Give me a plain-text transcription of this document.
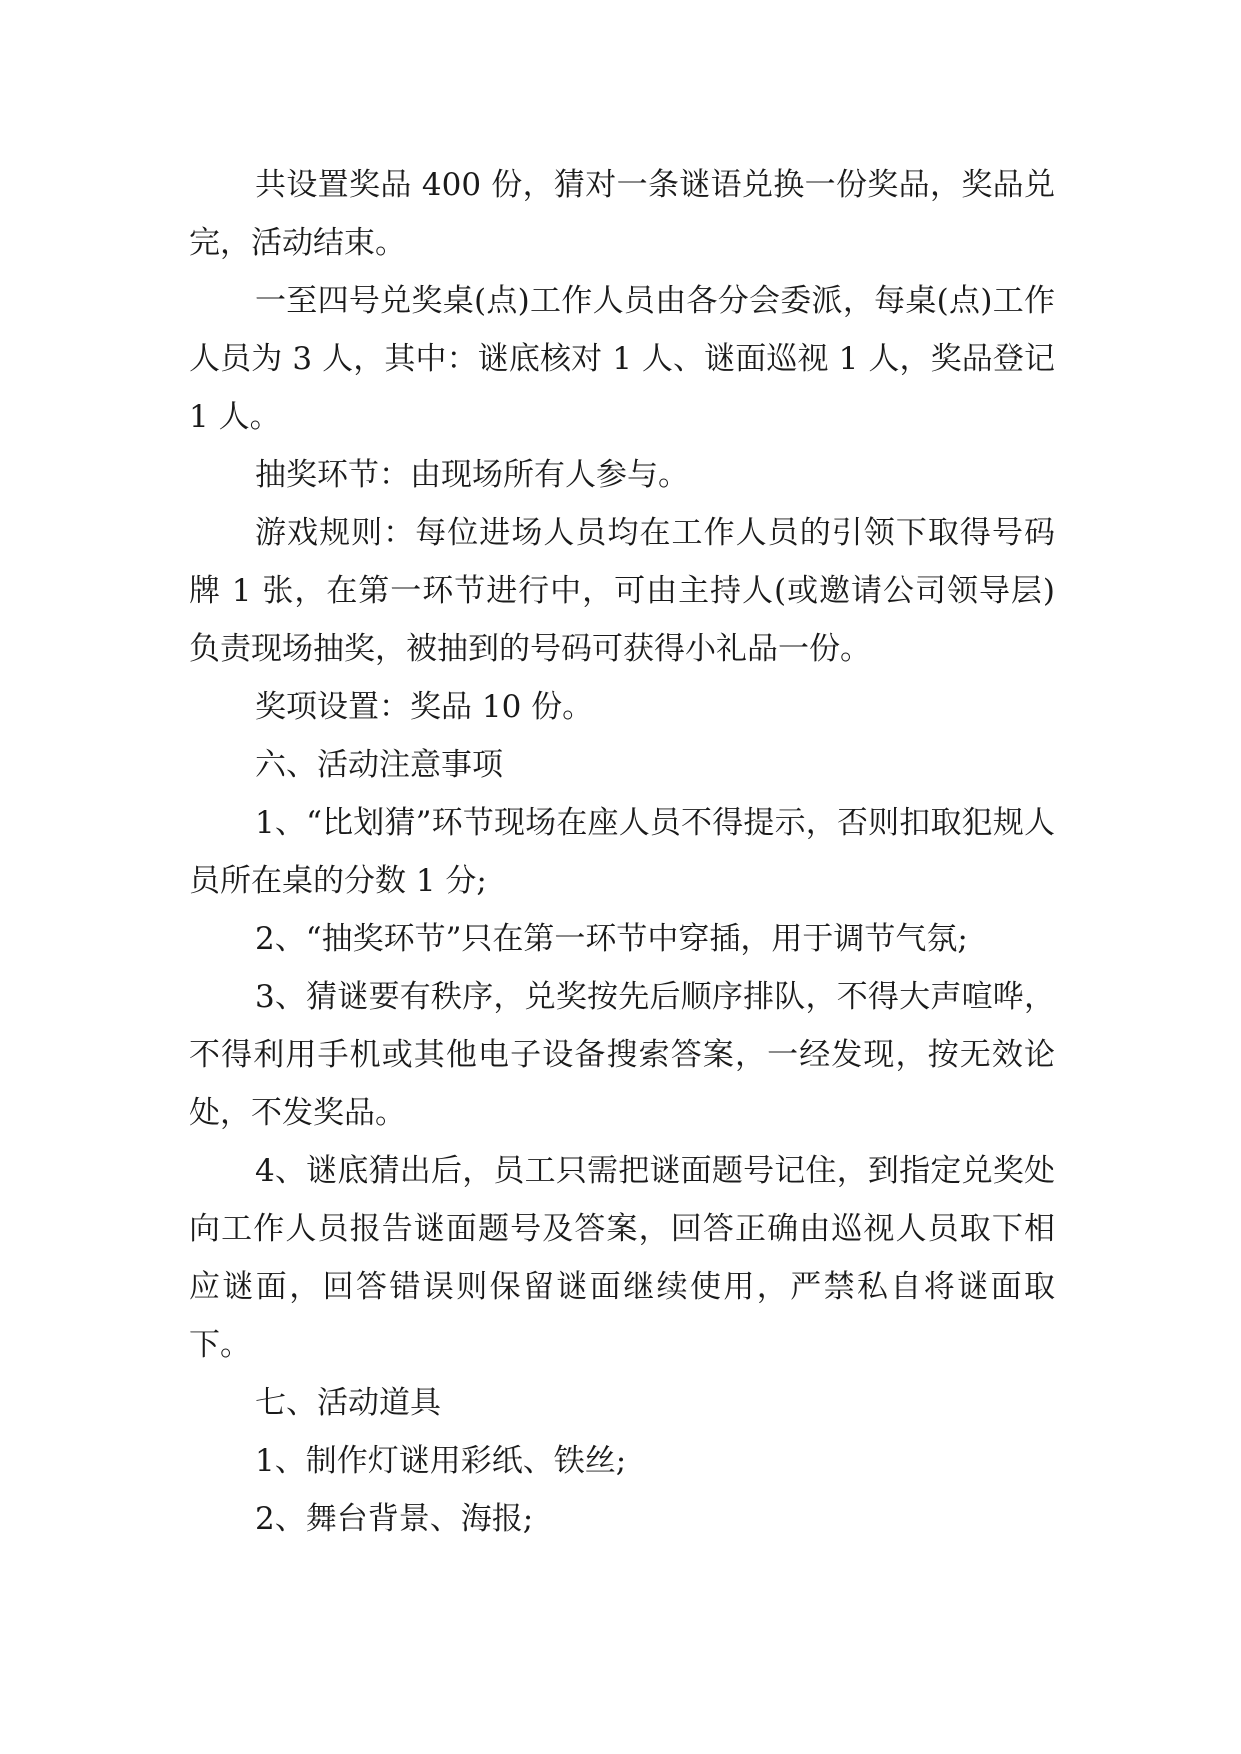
共设置奖品 400 份，猜对一条谜语兑换一份奖品，奖品兑完，活动结束。

一至四号兑奖桌(点)工作人员由各分会委派，每桌(点)工作人员为 3 人，其中：谜底核对 1 人、谜面巡视 1 人，奖品登记 1 人。

抽奖环节：由现场所有人参与。

游戏规则：每位进场人员均在工作人员的引领下取得号码牌 1 张，在第一环节进行中，可由主持人(或邀请公司领导层)负责现场抽奖，被抽到的号码可获得小礼品一份。

奖项设置：奖品 10 份。

六、活动注意事项

1、“比划猜”环节现场在座人员不得提示，否则扣取犯规人员所在桌的分数 1 分;

2、“抽奖环节”只在第一环节中穿插，用于调节气氛;

3、猜谜要有秩序，兑奖按先后顺序排队，不得大声喧哗，不得利用手机或其他电子设备搜索答案，一经发现，按无效论处，不发奖品。

4、谜底猜出后，员工只需把谜面题号记住，到指定兑奖处向工作人员报告谜面题号及答案，回答正确由巡视人员取下相应谜面，回答错误则保留谜面继续使用，严禁私自将谜面取下。

七、活动道具

1、制作灯谜用彩纸、铁丝;

2、舞台背景、海报;
